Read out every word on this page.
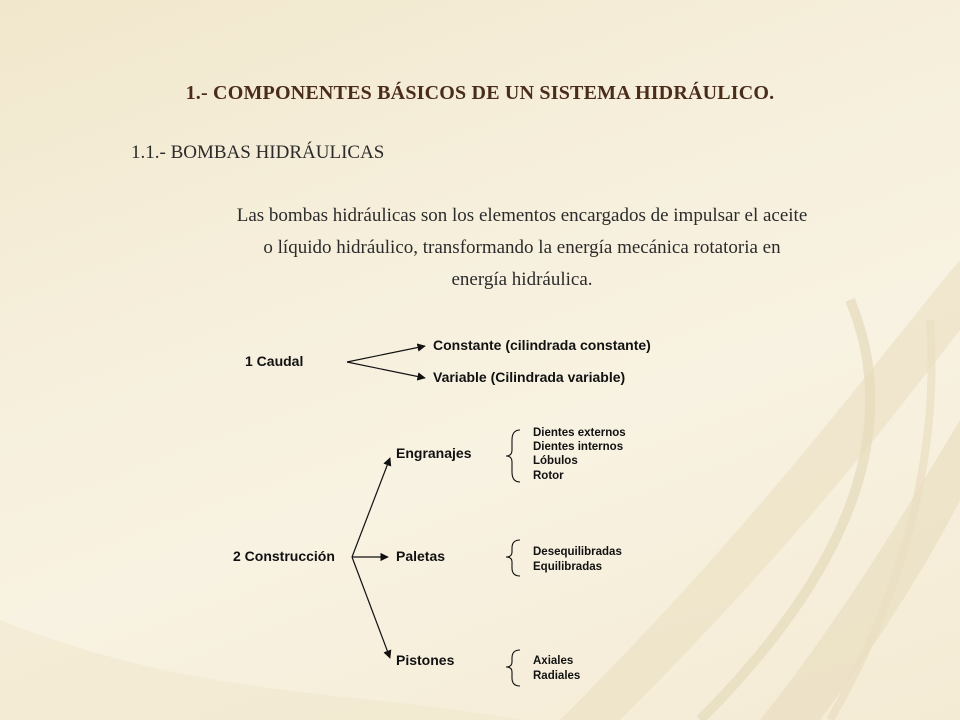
1.- COMPONENTES BÁSICOS DE UN SISTEMA HIDRÁULICO.
1.1.- BOMBAS HIDRÁULICAS
Las bombas hidráulicas son los elementos encargados de impulsar el aceite
o líquido hidráulico, transformando la energía mecánica rotatoria en
energía hidráulica.
1 Caudal
Constante (cilindrada constante)
Variable (Cilindrada variable)
2 Construcción
Engranajes
Paletas
Pistones
Dientes externos
Dientes internos
Lóbulos
Rotor
Desequilibradas
Equilibradas
Axiales
Radiales
